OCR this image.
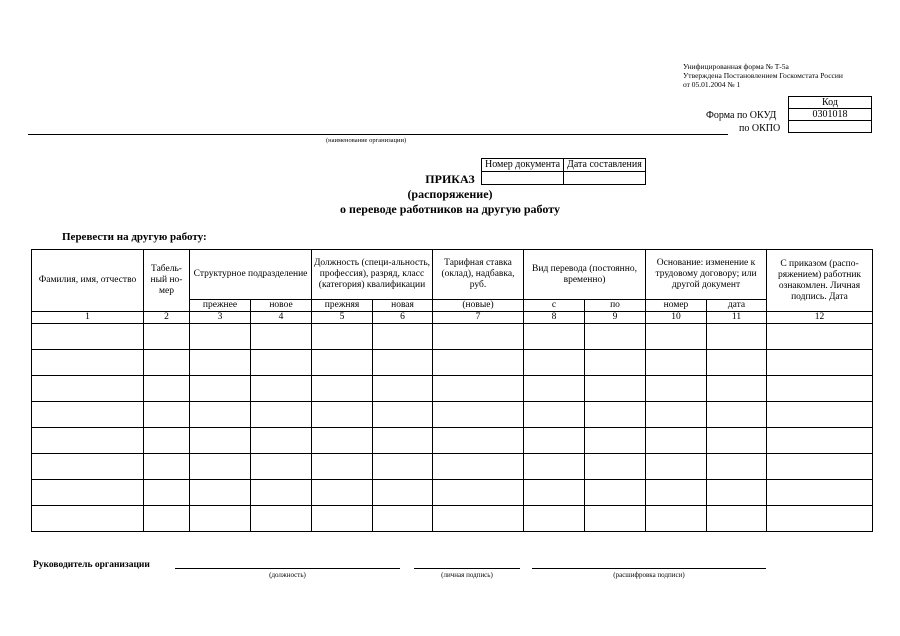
Унифицированная форма № Т-5а
Утверждена Постановлением Госкомстата России
от 05.01.2004 № 1
Код
0301018

Форма по ОКУД
по ОКПО
(наименование организации)
Номер документа	Дата составления

ПРИКАЗ
(распоряжение)
о переводе работников на другую работу
Перевести на другую работу:
Фамилия, имя, отчество	Табель-ный но-мер	Структурное подразделение		Должность (специ-альность, профессия), разряд, класс (категория) квалификации		Тарифная ставка (оклад), надбавка, руб.	Вид перевода (постоянно, временно)		Основание: изменение к трудовому договору; или другой документ		С приказом (распо-ряжением) работник ознакомлен. Личная подпись. Дата
		прежнее	новое	прежняя	новая	(новые)	с	по	номер	дата	
1	2	3	4	5	6	7	8	9	10	11	12

Руководитель организации
(должность)	(личная подпись)	(расшифровка подписи)
